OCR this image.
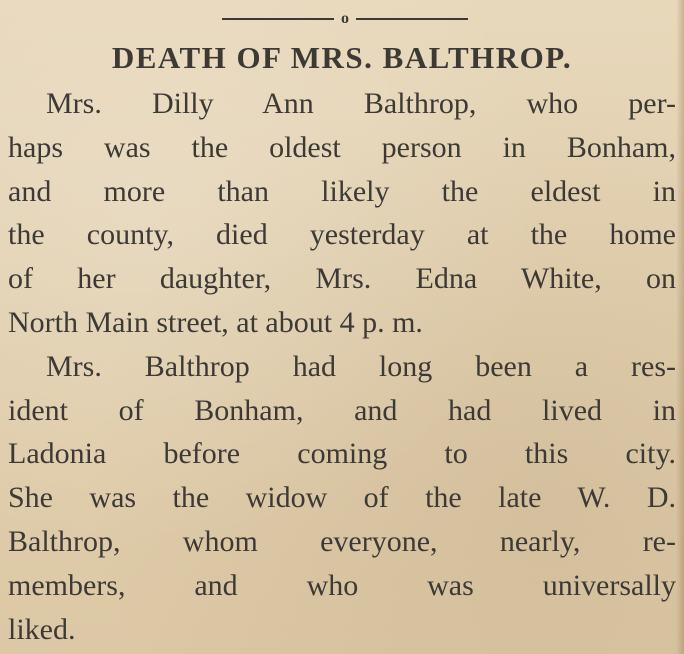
o
DEATH OF MRS. BALTHROP.
Mrs. Dilly Ann Balthrop, who per-
haps was the oldest person in Bonham,
and more than likely the eldest in
the county, died yesterday at the home
of her daughter, Mrs. Edna White, on
North Main street, at about 4 p. m.
Mrs. Balthrop had long been a res-
ident of Bonham, and had lived in
Ladonia before coming to this city.
She was the widow of the late W. D.
Balthrop, whom everyone, nearly, re-
members, and who was universally
liked.
